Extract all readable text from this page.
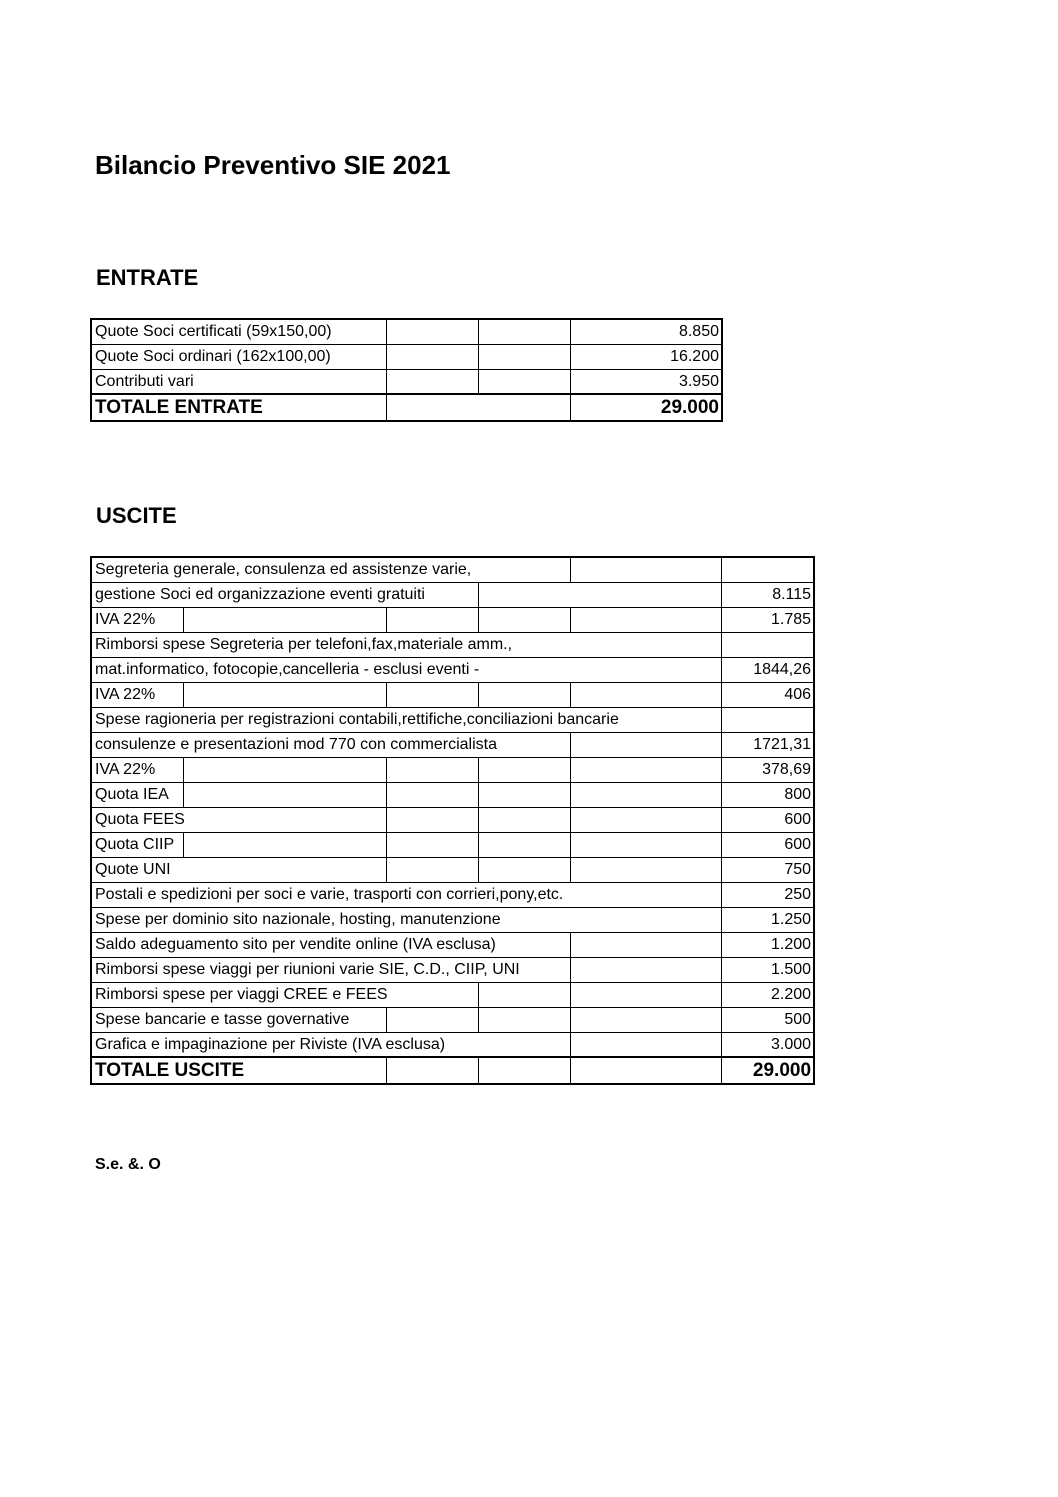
Bilancio Preventivo SIE 2021
ENTRATE
Quote Soci certificati (59x150,00)			8.850
Quote Soci ordinari (162x100,00)			16.200
Contributi vari			3.950
TOTALE ENTRATE			29.000
USCITE
Segreteria generale, consulenza ed assistenze varie,					
gestione Soci ed organizzazione eventi gratuiti					8.115
IVA 22%					1.785
Rimborsi spese Segreteria per telefoni,fax,materiale amm.,					
mat.informatico, fotocopie,cancelleria - esclusi eventi -					1844,26
IVA 22%					406
Spese ragioneria per registrazioni contabili,rettifiche,conciliazioni bancarie					
consulenze e presentazioni mod 770 con commercialista					1721,31
IVA 22%					378,69
Quota IEA					800
Quota FEES					600
Quota CIIP					600
Quote UNI					750
Postali e spedizioni per soci e varie, trasporti con corrieri,pony,etc.					250
Spese per dominio sito nazionale, hosting, manutenzione					1.250
Saldo adeguamento sito per vendite online (IVA esclusa)					1.200
Rimborsi spese viaggi per riunioni varie SIE, C.D., CIIP, UNI					1.500
Rimborsi spese per viaggi CREE e FEES					2.200
Spese bancarie e tasse governative					500
Grafica e impaginazione per Riviste (IVA esclusa)					3.000
TOTALE USCITE					29.000
S.e. &. O
